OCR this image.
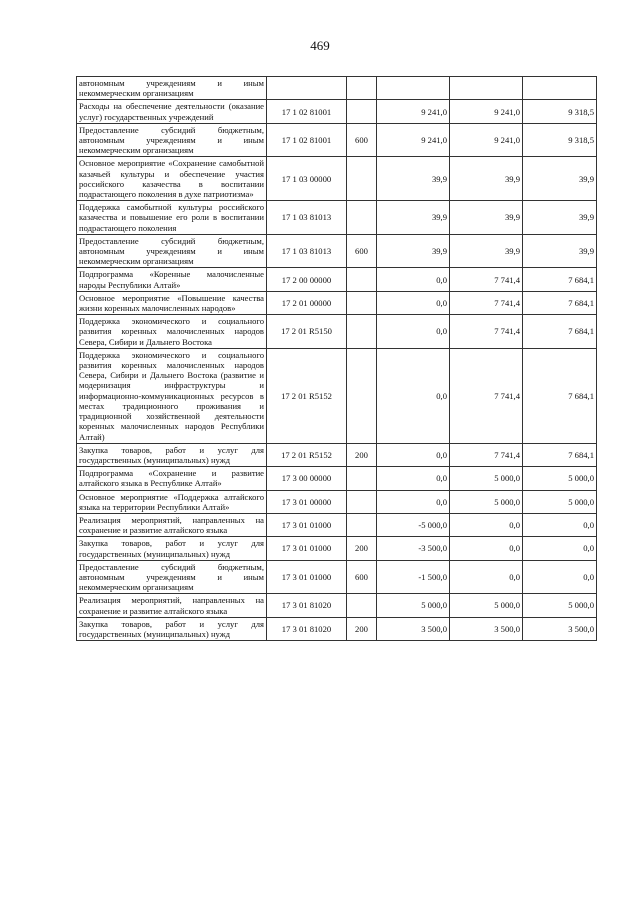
469
автономным учреждениям и иным некоммерческим организациям					
Расходы на обеспечение деятельности (оказание услуг) государственных учреждений	17 1 02 81001		9 241,0	9 241,0	9 318,5
Предоставление субсидий бюджетным, автономным учреждениям и иным некоммерческим организациям	17 1 02 81001	600	9 241,0	9 241,0	9 318,5
Основное мероприятие «Сохранение самобытной казачьей культуры и обеспечение участия российского казачества в воспитании подрастающего поколения в духе патриотизма»	17 1 03 00000		39,9	39,9	39,9
Поддержка самобытной культуры российского казачества и повышение его роли в воспитании подрастающего поколения	17 1 03 81013		39,9	39,9	39,9
Предоставление субсидий бюджетным, автономным учреждениям и иным некоммерческим организациям	17 1 03 81013	600	39,9	39,9	39,9
Подпрограмма «Коренные малочисленные народы Республики Алтай»	17 2 00 00000		0,0	7 741,4	7 684,1
Основное мероприятие «Повышение качества жизни коренных малочисленных народов»	17 2 01 00000		0,0	7 741,4	7 684,1
Поддержка экономического и социального развития коренных малочисленных народов Севера, Сибири и Дальнего Востока	17 2 01 R5150		0,0	7 741,4	7 684,1
Поддержка экономического и социального развития коренных малочисленных народов Севера, Сибири и Дальнего Востока (развитие и модернизация инфраструктуры и информационно-коммуникационных ресурсов в местах традиционного проживания и традиционной хозяйственной деятельности коренных малочисленных народов Республики Алтай)	17 2 01 R5152		0,0	7 741,4	7 684,1
Закупка товаров, работ и услуг для государственных (муниципальных) нужд	17 2 01 R5152	200	0,0	7 741,4	7 684,1
Подпрограмма «Сохранение и развитие алтайского языка в Республике Алтай»	17 3 00 00000		0,0	5 000,0	5 000,0
Основное мероприятие «Поддержка алтайского языка на территории Республики Алтай»	17 3 01 00000		0,0	5 000,0	5 000,0
Реализация мероприятий, направленных на сохранение и развитие алтайского языка	17 3 01 01000		-5 000,0	0,0	0,0
Закупка товаров, работ и услуг для государственных (муниципальных) нужд	17 3 01 01000	200	-3 500,0	0,0	0,0
Предоставление субсидий бюджетным, автономным учреждениям и иным некоммерческим организациям	17 3 01 01000	600	-1 500,0	0,0	0,0
Реализация мероприятий, направленных на сохранение и развитие алтайского языка	17 3 01 81020		5 000,0	5 000,0	5 000,0
Закупка товаров, работ и услуг для государственных (муниципальных) нужд	17 3 01 81020	200	3 500,0	3 500,0	3 500,0
